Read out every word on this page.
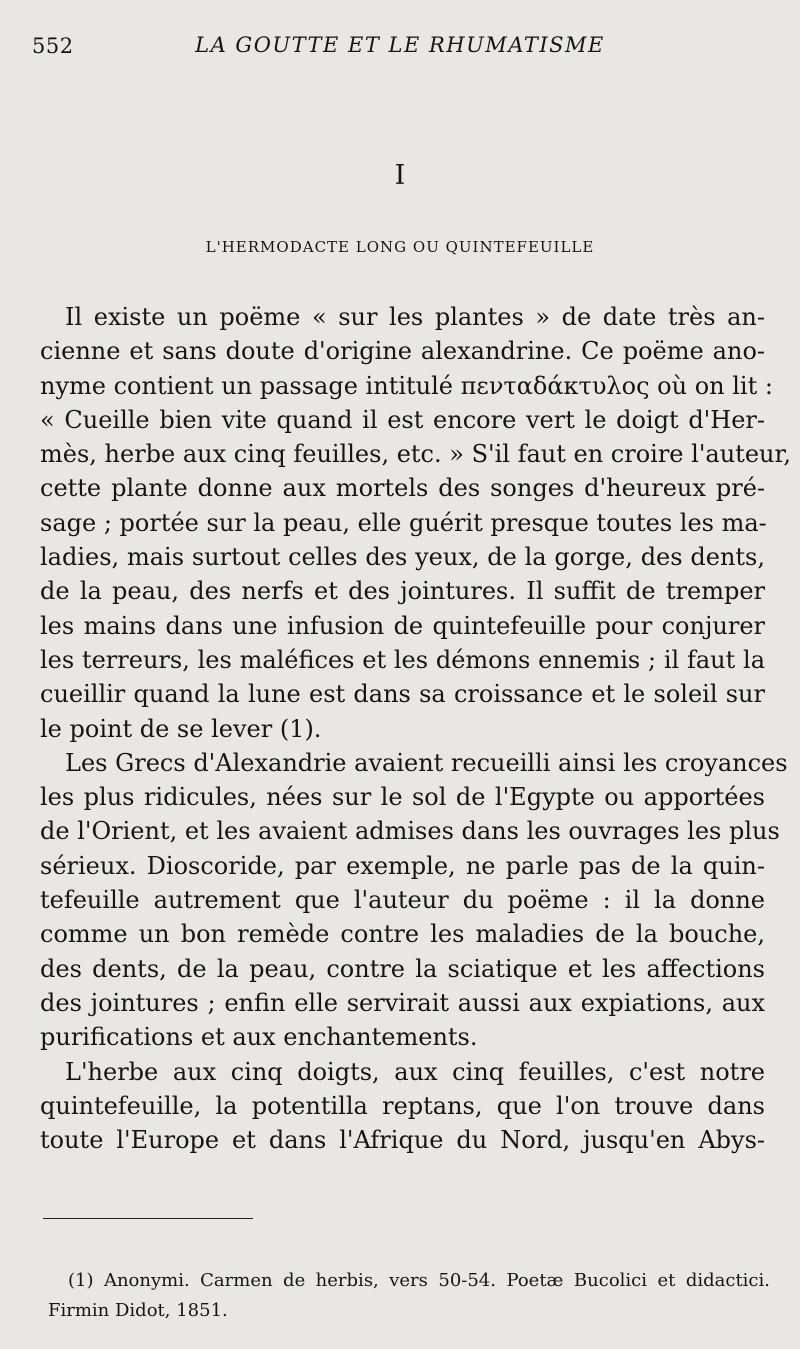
552	LA GOUTTE ET LE RHUMATISME
I
L'HERMODACTE LONG OU QUINTEFEUILLE
Il existe un poëme « sur les plantes » de date très an-
cienne et sans doute d'origine alexandrine. Ce poëme ano-
nyme contient un passage intitulé πενταδάκτυλος où on lit :
« Cueille bien vite quand il est encore vert le doigt d'Her-
mès, herbe aux cinq feuilles, etc. » S'il faut en croire l'auteur,
cette plante donne aux mortels des songes d'heureux pré-
sage ; portée sur la peau, elle guérit presque toutes les ma-
ladies, mais surtout celles des yeux, de la gorge, des dents,
de la peau, des nerfs et des jointures. Il suffit de tremper
les mains dans une infusion de quintefeuille pour conjurer
les terreurs, les maléfices et les démons ennemis ; il faut la
cueillir quand la lune est dans sa croissance et le soleil sur
le point de se lever (1).
Les Grecs d'Alexandrie avaient recueilli ainsi les croyances
les plus ridicules, nées sur le sol de l'Egypte ou apportées
de l'Orient, et les avaient admises dans les ouvrages les plus
sérieux. Dioscoride, par exemple, ne parle pas de la quin-
tefeuille autrement que l'auteur du poëme : il la donne
comme un bon remède contre les maladies de la bouche,
des dents, de la peau, contre la sciatique et les affections
des jointures ; enfin elle servirait aussi aux expiations, aux
purifications et aux enchantements.
L'herbe aux cinq doigts, aux cinq feuilles, c'est notre
quintefeuille, la potentilla reptans, que l'on trouve dans
toute l'Europe et dans l'Afrique du Nord, jusqu'en Abys-
(1) Anonymi. Carmen de herbis, vers 50-54. Poetæ Bucolici et didactici.
Firmin Didot, 1851.
